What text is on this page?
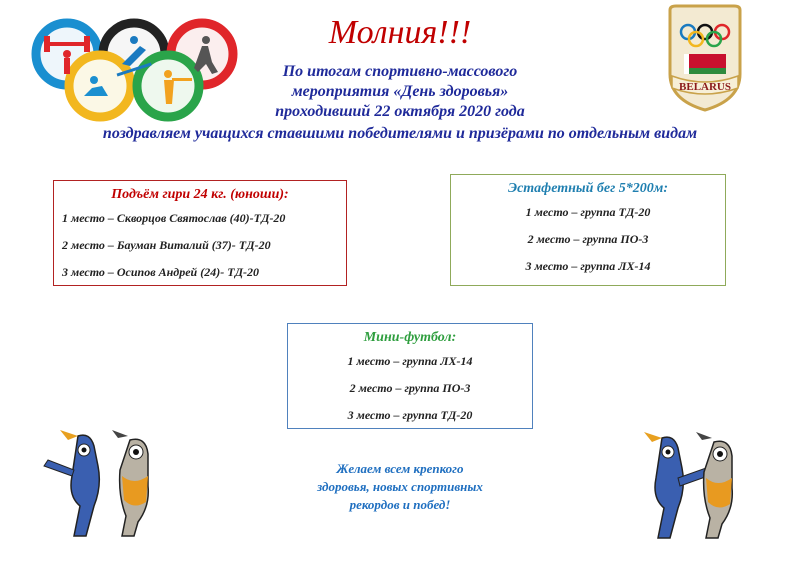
BELARUS
Молния!!!
По итогам спортивно-массового
мероприятия «День здоровья»
проходивший 22 октября 2020 года
поздравляем учащихся ставшими победителями и призёрами по отдельным видам
Подъём гири 24 кг. (юноши):
1 место – Скворцов Святослав (40)-ТД-20
2 место – Бауман Виталий (37)- ТД-20
3 место – Осипов Андрей (24)- ТД-20
Эстафетный бег 5*200м:
1 место – группа ТД-20
2 место – группа ПО-3
3 место – группа ЛХ-14
Мини-футбол:
1 место – группа ЛХ-14
2 место – группа ПО-3
3 место – группа ТД-20
Желаем всем крепкого
здоровья, новых спортивных
рекордов и побед!
